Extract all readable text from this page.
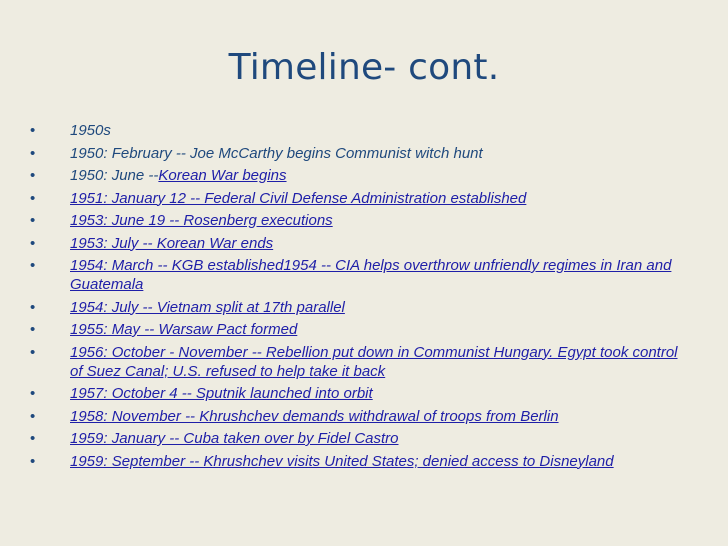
Timeline- cont.
• 1950s
• 1950: February -- Joe McCarthy begins Communist witch hunt
• 1950: June --Korean War begins
• 1951: January 12 -- Federal Civil Defense Administration established
• 1953: June 19 -- Rosenberg executions
• 1953: July -- Korean War ends
• 1954: March -- KGB established1954 -- CIA helps overthrow unfriendly regimes in Iran and Guatemala
• 1954: July -- Vietnam split at 17th parallel
• 1955: May -- Warsaw Pact formed
• 1956: October - November -- Rebellion put down in Communist Hungary. Egypt took control of Suez Canal; U.S. refused to help take it back
• 1957: October 4 -- Sputnik launched into orbit
• 1958: November -- Khrushchev demands withdrawal of troops from Berlin
• 1959: January -- Cuba taken over by Fidel Castro
• 1959: September -- Khrushchev visits United States; denied access to Disneyland
